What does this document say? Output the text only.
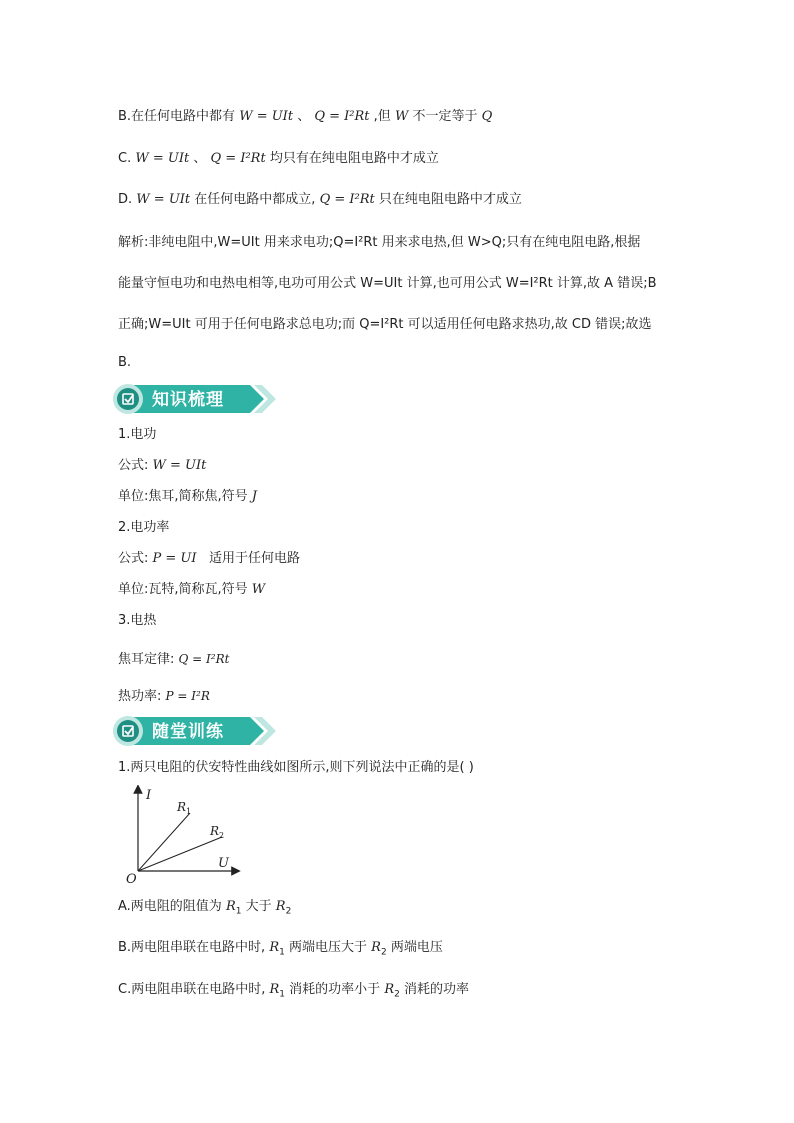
B.在任何电路中都有 W = UIt 、 Q = I²Rt ,但 W 不一定等于 Q
C. W = UIt 、 Q = I²Rt 均只有在纯电阻电路中才成立
D. W = UIt 在任何电路中都成立, Q = I²Rt 只在纯电阻电路中才成立
解析:非纯电阻中,W=UIt 用来求电功;Q=I²Rt 用来求电热,但 W>Q;只有在纯电阻电路,根据
能量守恒电功和电热电相等,电功可用公式 W=UIt 计算,也可用公式 W=I²Rt 计算,故 A 错误;B
正确;W=UIt 可用于任何电路求总电功;而 Q=I²Rt 可以适用任何电路求热功,故 CD 错误;故选
B.
知识梳理
1.电功
公式: W = UIt
单位:焦耳,简称焦,符号 J
2.电功率
公式: P = UI 适用于任何电路
单位:瓦特,简称瓦,符号 W
3.电热
焦耳定律: Q = I²Rt
热功率: P = I²R
随堂训练
1.两只电阻的伏安特性曲线如图所示,则下列说法中正确的是( )
I
U
O
$R_1$
$R_2$
A.两电阻的阻值为 $R_1$ 大于 $R_2$
B.两电阻串联在电路中时, $R_1$ 两端电压大于 $R_2$ 两端电压
C.两电阻串联在电路中时, $R_1$ 消耗的功率小于 $R_2$ 消耗的功率
